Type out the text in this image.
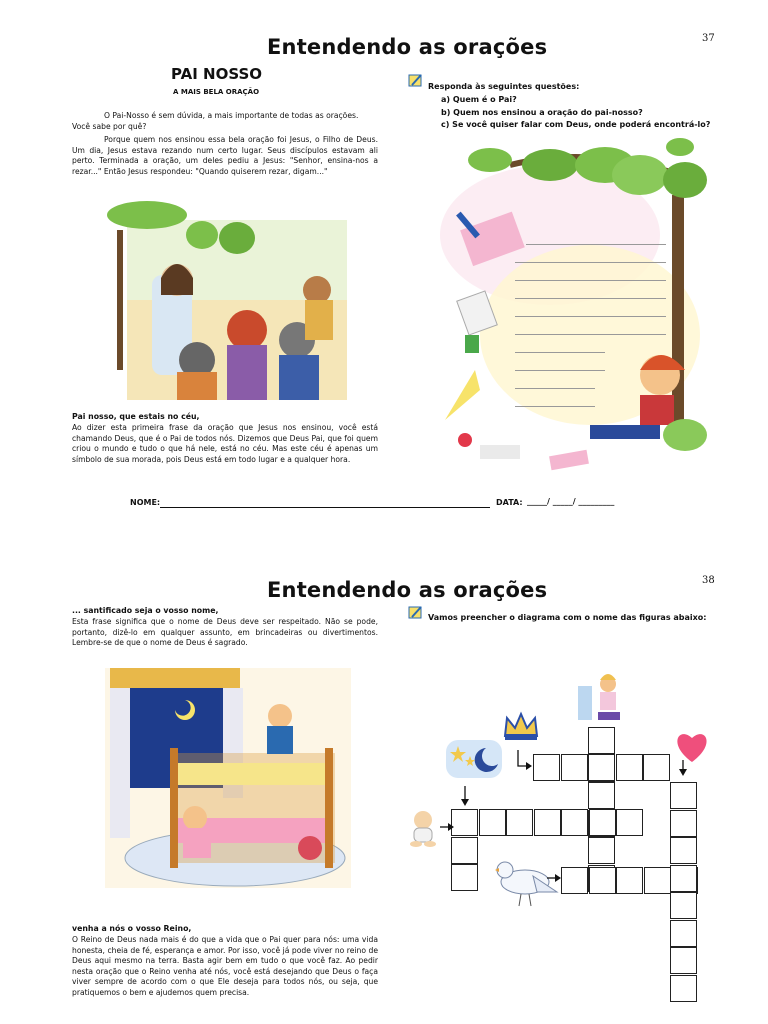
37
Entendendo as orações
PAI NOSSO
A MAIS BELA ORAÇÃO
O Pai-Nosso é sem dúvida, a mais importante de todas as orações. Você sabe por quê?
Porque quem nos ensinou essa bela oração foi Jesus, o Filho de Deus. Um dia, Jesus estava rezando num certo lugar. Seus discípulos estavam ali perto. Terminada a oração, um deles pediu a Jesus: "Senhor, ensina-nos a rezar..." Então Jesus respondeu: "Quando quiserem rezar, digam..."
Pai nosso, que estais no céu,
Ao dizer esta primeira frase da oração que Jesus nos ensinou, você está chamando Deus, que é o Pai de todos nós. Dizemos que Deus Pai, que foi quem criou o mundo e tudo o que há nele, está no céu. Mas este céu é apenas um símbolo de sua morada, pois Deus está em todo lugar e a qualquer hora.
Responda às seguintes questões:
a) Quem é o Pai?
b) Quem nos ensinou a oração do pai-nosso?
c) Se você quiser falar com Deus, onde poderá encontrá-lo?
NOME:	DATA: _____/ _____/ _________
38
Entendendo as orações
... santificado seja o vosso nome,
Esta frase significa que o nome de Deus deve ser respeitado. Não se pode, portanto, dizê-lo em qualquer assunto, em brincadeiras ou divertimentos. Lembre-se de que o nome de Deus é sagrado.
venha a nós o vosso Reino,
O Reino de Deus nada mais é do que a vida que o Pai quer para nós: uma vida honesta, cheia de fé, esperança e amor. Por isso, você já pode viver no reino de Deus aqui mesmo na terra. Basta agir bem em tudo o que você faz. Ao pedir nesta oração que o Reino venha até nós, você está desejando que Deus o faça viver sempre de acordo com o que Ele deseja para todos nós, ou seja, que pratiquemos o bem e ajudemos quem precisa.
Vamos preencher o diagrama com o nome das figuras abaixo:
